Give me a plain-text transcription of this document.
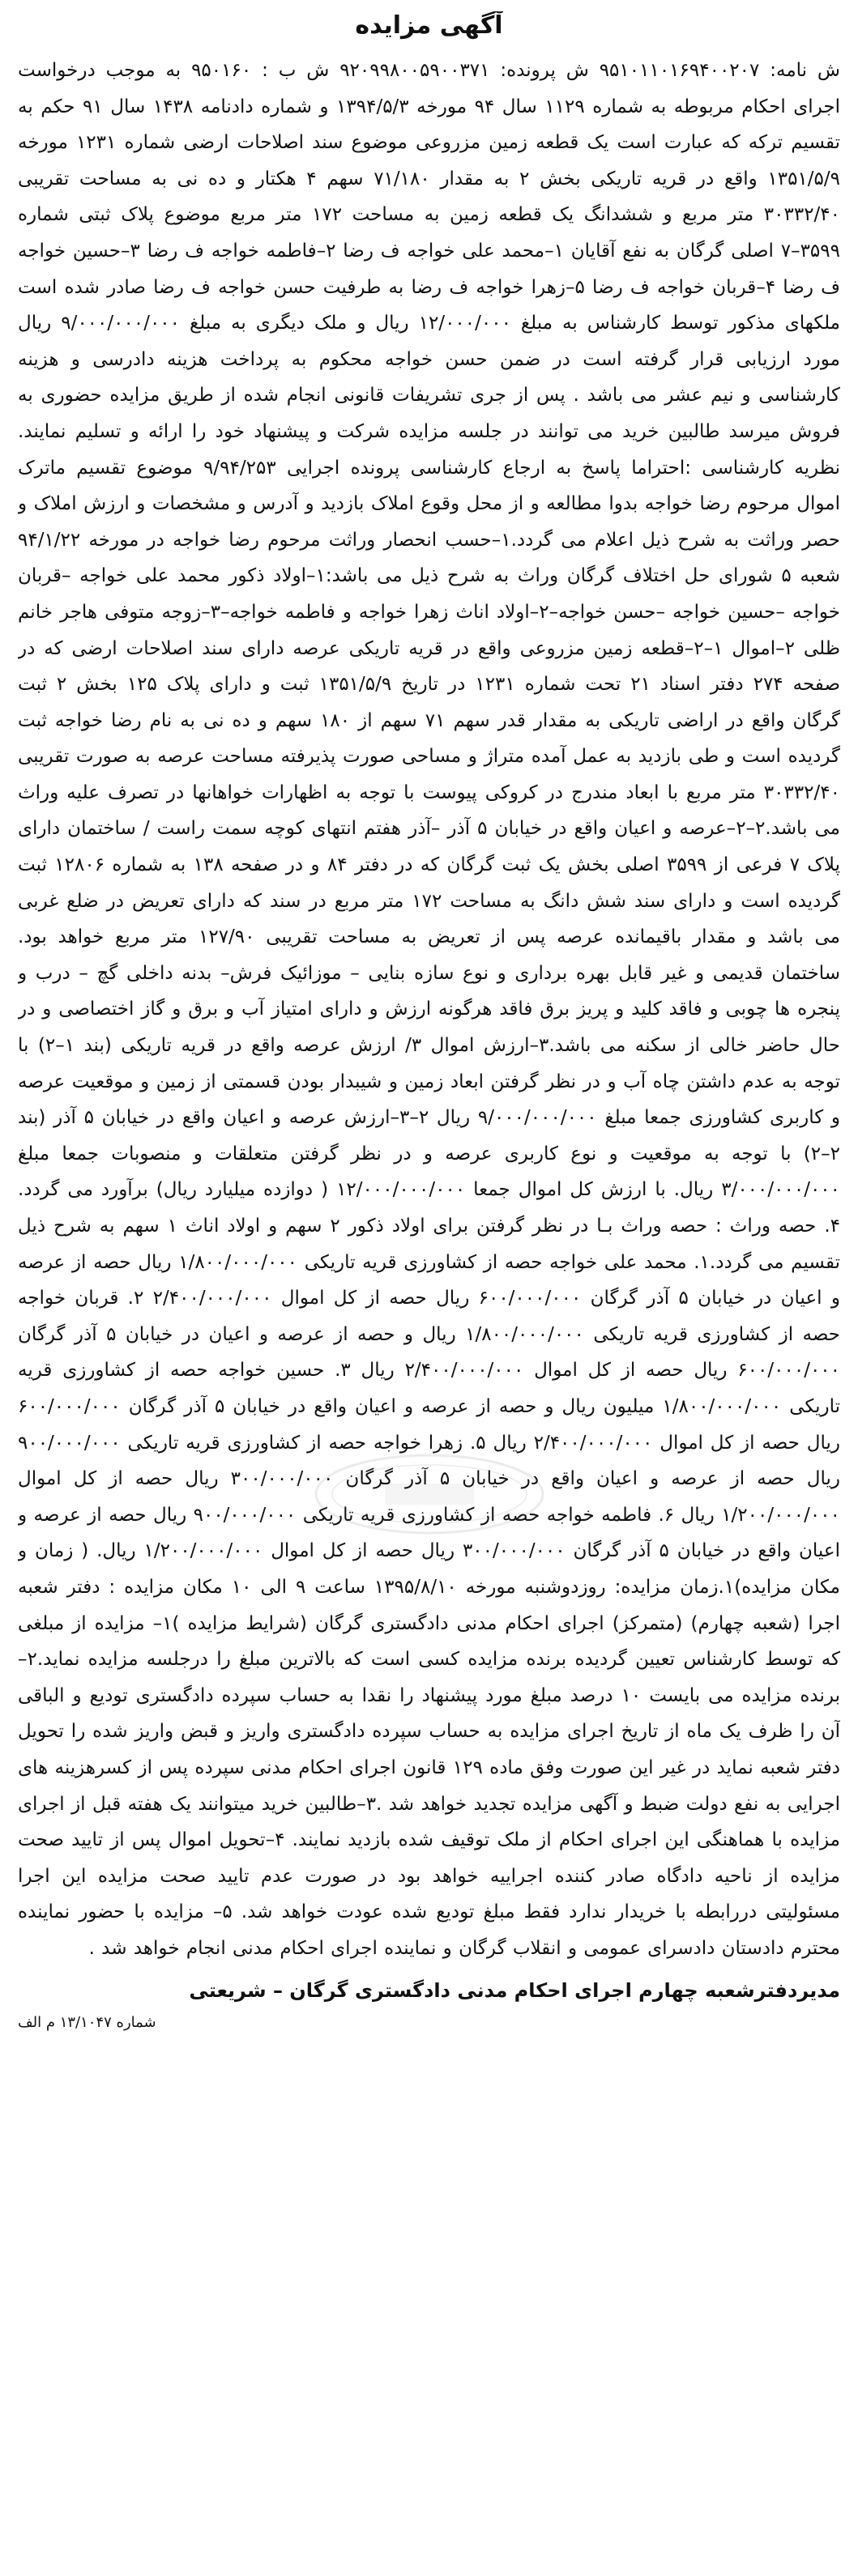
آگهی مزایده

ش نامه: ۹۵۱۰۱۱۰۱۶۹۴۰۰۲۰۷ ش پرونده: ۹۲۰۹۹۸۰۰۵۹۰۰۳۷۱ ش ب : ۹۵۰۱۶۰ به موجب درخواست اجرای احکام مربوطه به شماره ۱۱۲۹ سال ۹۴ مورخه ۱۳۹۴/۵/۳ و شماره دادنامه ۱۴۳۸ سال ۹۱ حکم به تقسیم ترکه که عبارت است یک قطعه زمین مزروعی موضوع سند اصلاحات ارضی شماره ۱۲۳۱ مورخه ۱۳۵۱/۵/۹ واقع در قریه تاریکی بخش ۲ به مقدار ۷۱/۱۸۰ سهم ۴ هکتار و ده نی به مساحت تقریبی ۳۰۳۳۲/۴۰ متر مربع و ششدانگ یک قطعه زمین به مساحت ۱۷۲ متر مربع موضوع پلاک ثبتی شماره ۳۵۹۹–۷ اصلی گرگان به نفع آقایان ۱–محمد علی خواجه ف رضا ۲–فاطمه خواجه ف رضا ۳–حسین خواجه ف رضا ۴–قربان خواجه ف رضا ۵–زهرا خواجه ف رضا به طرفیت حسن خواجه ف رضا صادر شده است ملکهای مذکور توسط کارشناس به مبلغ ۱۲/۰۰۰/۰۰۰ ریال و ملک دیگری به مبلغ ۹/۰۰۰/۰۰۰/۰۰۰ ریال مورد ارزیابی قرار گرفته است در ضمن حسن خواجه محکوم به پرداخت هزینه دادرسی و هزینه کارشناسی و نیم عشر می باشد . پس از جری تشریفات قانونی انجام شده از طریق مزایده حضوری به فروش میرسد طالبین خرید می توانند در جلسه مزایده شرکت و پیشنهاد خود را ارائه و تسلیم نمایند. نظریه کارشناسی :احتراما پاسخ به ارجاع کارشناسی پرونده اجرایی ۹/۹۴/۲۵۳ موضوع تقسیم ماترک اموال مرحوم رضا خواجه بدوا مطالعه و از محل وقوع املاک بازدید و آدرس و مشخصات و ارزش املاک و حصر وراثت به شرح ذیل اعلام می گردد.۱–حسب انحصار وراثت مرحوم رضا خواجه در مورخه ۹۴/۱/۲۲ شعبه ۵ شورای حل اختلاف گرگان وراث به شرح ذیل می باشد:۱–اولاد ذکور محمد علی خواجه –قربان خواجه –حسین خواجه –حسن خواجه–۲–اولاد اناث زهرا خواجه و فاطمه خواجه–۳–زوجه متوفی هاجر خانم ظلی ۲–اموال ۱–۲–قطعه زمین مزروعی واقع در قریه تاریکی عرصه دارای سند اصلاحات ارضی که در صفحه ۲۷۴ دفتر اسناد ۲۱ تحت شماره ۱۲۳۱ در تاریخ ۱۳۵۱/۵/۹ ثبت و دارای پلاک ۱۲۵ بخش ۲ ثبت گرگان واقع در اراضی تاریکی به مقدار قدر سهم ۷۱ سهم از ۱۸۰ سهم و ده نی به نام رضا خواجه ثبت گردیده است و طی بازدید به عمل آمده متراژ و مساحی صورت پذیرفته مساحت عرصه به صورت تقریبی ۳۰۳۳۲/۴۰ متر مربع با ابعاد مندرج در کروکی پیوست با توجه به اظهارات خواهانها در تصرف علیه وراث می باشد.۲–۲–عرصه و اعیان واقع در خیابان ۵ آذر –آذر هفتم انتهای کوچه سمت راست / ساختمان دارای پلاک ۷ فرعی از ۳۵۹۹ اصلی بخش یک ثبت گرگان که در دفتر ۸۴ و در صفحه ۱۳۸ به شماره ۱۲۸۰۶ ثبت گردیده است و دارای سند شش دانگ به مساحت ۱۷۲ متر مربع در سند که دارای تعریض در ضلع غربی می باشد و مقدار باقیمانده عرصه پس از تعریض به مساحت تقریبی ۱۲۷/۹۰ متر مربع خواهد بود. ساختمان قدیمی و غیر قابل بهره برداری و نوع سازه بنایی – موزائیک فرش– بدنه داخلی گچ – درب و پنجره ها چوبی و فاقد کلید و پریز برق فاقد هرگونه ارزش و دارای امتیاز آب و برق و گاز اختصاصی و در حال حاضر خالی از سکنه می باشد.۳–ارزش اموال ۳/ ارزش عرصه واقع در قریه تاریکی (بند ۱–۲) با توجه به عدم داشتن چاه آب و در نظر گرفتن ابعاد زمین و شیبدار بودن قسمتی از زمین و موقعیت عرصه و کاربری کشاورزی جمعا مبلغ ۹/۰۰۰/۰۰۰/۰۰۰ ریال ۲–۳–ارزش عرصه و اعیان واقع در خیابان ۵ آذر (بند ۲–۲) با توجه به موقعیت و نوع کاربری عرصه و در نظر گرفتن متعلقات و منصوبات جمعا مبلغ ۳/۰۰۰/۰۰۰/۰۰۰ ریال. با ارزش کل اموال جمعا ۱۲/۰۰۰/۰۰۰/۰۰۰ ( دوازده میلیارد ریال) برآورد می گردد. ۴. حصه وراث : حصه وراث بـا در نظر گرفتن برای اولاد ذکور ۲ سهم و اولاد اناث ۱ سهم به شرح ذیل تقسیم می گردد.۱. محمد علی خواجه حصه از کشاورزی قریه تاریکی ۱/۸۰۰/۰۰۰/۰۰۰ ریال حصه از عرصه و اعیان در خیابان ۵ آذر گرگان ۶۰۰/۰۰۰/۰۰۰ ریال حصه از کل اموال ۲/۴۰۰/۰۰۰/۰۰۰ ۲. قربان خواجه حصه از کشاورزی قریه تاریکی ۱/۸۰۰/۰۰۰/۰۰۰ ریال و حصه از عرصه و اعیان در خیابان ۵ آذر گرگان ۶۰۰/۰۰۰/۰۰۰ ریال حصه از کل اموال ۲/۴۰۰/۰۰۰/۰۰۰ ریال ۳. حسین خواجه حصه از کشاورزی قریه تاریکی ۱/۸۰۰/۰۰۰/۰۰۰ میلیون ریال و حصه از عرصه و اعیان واقع در خیابان ۵ آذر گرگان ۶۰۰/۰۰۰/۰۰۰ ریال حصه از کل اموال ۲/۴۰۰/۰۰۰/۰۰۰ ریال ۵. زهرا خواجه حصه از کشاورزی قریه تاریکی ۹۰۰/۰۰۰/۰۰۰ ریال حصه از عرصه و اعیان واقع در خیابان ۵ آذر گرگان ۳۰۰/۰۰۰/۰۰۰ ریال حصه از کل اموال ۱/۲۰۰/۰۰۰/۰۰۰ ریال ۶. فاطمه خواجه حصه از کشاورزی قریه تاریکی ۹۰۰/۰۰۰/۰۰۰ ریال حصه از عرصه و اعیان واقع در خیابان ۵ آذر گرگان ۳۰۰/۰۰۰/۰۰۰ ریال حصه از کل اموال ۱/۲۰۰/۰۰۰/۰۰۰ ریال. ( زمان و مکان مزایده)۱.زمان مزایده: روزدوشنبه مورخه ۱۳۹۵/۸/۱۰ ساعت ۹ الی ۱۰ مکان مزایده : دفتر شعبه اجرا (شعبه چهارم) (متمرکز) اجرای احکام مدنی دادگستری گرگان (شرایط مزایده )۱– مزایده از مبلغی که توسط کارشناس تعیین گردیده برنده مزایده کسی است که بالاترین مبلغ را درجلسه مزایده نماید.۲–برنده مزایده می بایست ۱۰ درصد مبلغ مورد پیشنهاد را نقدا به حساب سپرده دادگستری تودیع و الباقی آن را ظرف یک ماه از تاریخ اجرای مزایده به حساب سپرده دادگستری واریز و قبض واریز شده را تحویل دفتر شعبه نماید در غیر این صورت وفق ماده ۱۲۹ قانون اجرای احکام مدنی سپرده پس از کسرهزینه های اجرایی به نفع دولت ضبط و آگهی مزایده تجدید خواهد شد .۳–طالبین خرید میتوانند یک هفته قبل از اجرای مزایده با هماهنگی این اجرای احکام از ملک توقیف شده بازدید نمایند. ۴–تحویل اموال پس از تایید صحت مزایده از ناحیه دادگاه صادر کننده اجراییه خواهد بود در صورت عدم تایید صحت مزایده این اجرا مسئولیتی دررابطه با خریدار ندارد فقط مبلغ تودیع شده عودت خواهد شد. ۵– مزایده با حضور نماینده محترم دادستان دادسرای عمومی و انقلاب گرگان و نماینده اجرای احکام مدنی انجام خواهد شد .

مدیردفترشعبه چهارم اجرای احکام مدنی دادگستری گرگان – شریعتی
شماره ۱۳/۱۰۴۷ م الف
